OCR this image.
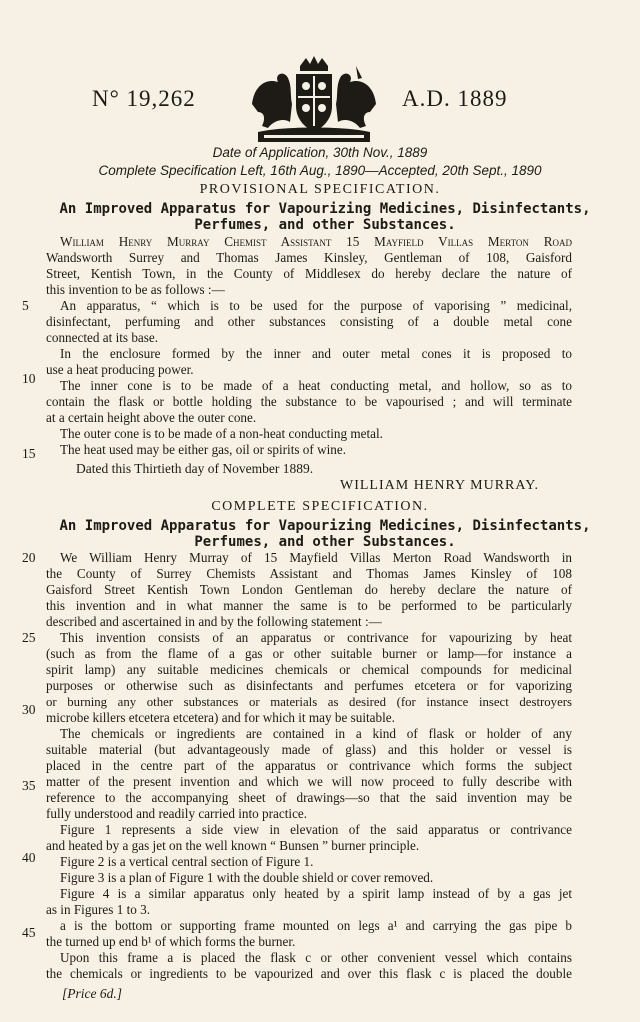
N° 19,262	A.D. 1889
Date of Application, 30th Nov., 1889
Complete Specification Left, 16th Aug., 1890—Accepted, 20th Sept., 1890
PROVISIONAL SPECIFICATION.
An Improved Apparatus for Vapourizing Medicines, Disinfectants,
Perfumes, and other Substances.
William Henry Murray Chemist Assistant 15 Mayfield Villas Merton Road
Wandsworth Surrey and Thomas James Kinsley, Gentleman of 108, Gaisford
Street, Kentish Town, in the County of Middlesex do hereby declare the nature of
this invention to be as follows :—
An apparatus, “ which is to be used for the purpose of vaporising ” medicinal,
disinfectant, perfuming and other substances consisting of a double metal cone
connected at its base.
In the enclosure formed by the inner and outer metal cones it is proposed to
use a heat producing power.
The inner cone is to be made of a heat conducting metal, and hollow, so as to
contain the flask or bottle holding the substance to be vapourised ; and will terminate
at a certain height above the outer cone.
The outer cone is to be made of a non-heat conducting metal.
The heat used may be either gas, oil or spirits of wine.
Dated this Thirtieth day of November 1889.
WILLIAM HENRY MURRAY.
COMPLETE SPECIFICATION.
An Improved Apparatus for Vapourizing Medicines, Disinfectants,
Perfumes, and other Substances.
We William Henry Murray of 15 Mayfield Villas Merton Road Wandsworth in
the County of Surrey Chemists Assistant and Thomas James Kinsley of 108
Gaisford Street Kentish Town London Gentleman do hereby declare the nature of
this invention and in what manner the same is to be performed to be particularly
described and ascertained in and by the following statement :—
This invention consists of an apparatus or contrivance for vapourizing by heat
(such as from the flame of a gas or other suitable burner or lamp—for instance a
spirit lamp) any suitable medicines chemicals or chemical compounds for medicinal
purposes or otherwise such as disinfectants and perfumes etcetera or for vaporizing
or burning any other substances or materials as desired (for instance insect destroyers
microbe killers etcetera etcetera) and for which it may be suitable.
The chemicals or ingredients are contained in a kind of flask or holder of any
suitable material (but advantageously made of glass) and this holder or vessel is
placed in the centre part of the apparatus or contrivance which forms the subject
matter of the present invention and which we will now proceed to fully describe with
reference to the accompanying sheet of drawings—so that the said invention may be
fully understood and readily carried into practice.
Figure 1 represents a side view in elevation of the said apparatus or contrivance
and heated by a gas jet on the well known “ Bunsen ” burner principle.
Figure 2 is a vertical central section of Figure 1.
Figure 3 is a plan of Figure 1 with the double shield or cover removed.
Figure 4 is a similar apparatus only heated by a spirit lamp instead of by a gas jet
as in Figures 1 to 3.
a is the bottom or supporting frame mounted on legs a¹ and carrying the gas pipe b
the turned up end b¹ of which forms the burner.
Upon this frame a is placed the flask c or other convenient vessel which contains
the chemicals or ingredients to be vapourized and over this flask c is placed the double
[Price 6d.]
5
10
15
20
25
30
35
40
45
